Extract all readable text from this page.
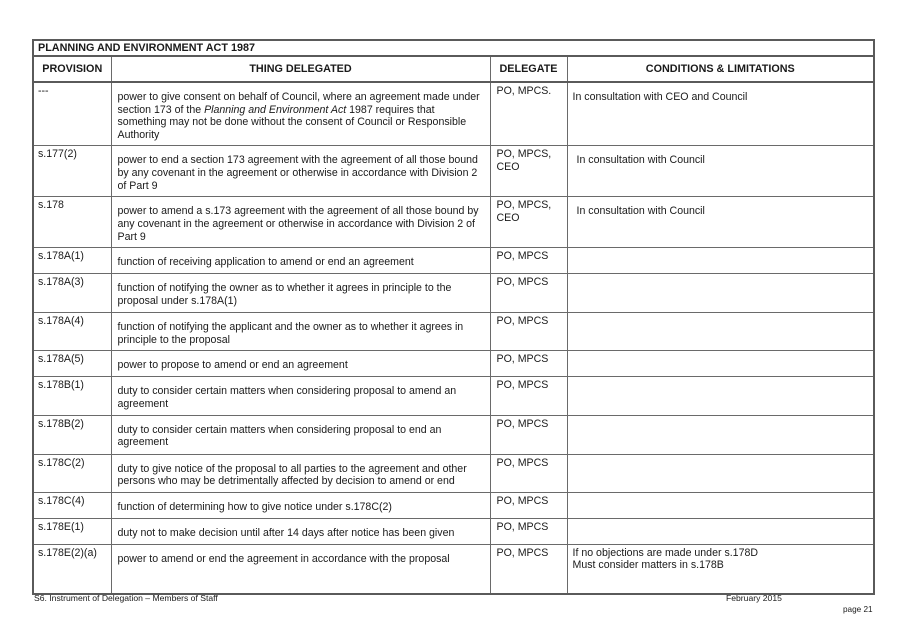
PLANNING AND ENVIRONMENT ACT 1987			
PROVISION	THING DELEGATED	DELEGATE	CONDITIONS & LIMITATIONS
---	power to give consent on behalf of Council, where an agreement made under section 173 of the Planning and Environment Act 1987 requires that something may not be done without the consent of Council or Responsible Authority	PO, MPCS.	In consultation with CEO and Council
s.177(2)	power to end a section 173 agreement with the agreement of all those bound by any covenant in the agreement or otherwise in accordance with Division 2 of Part 9	PO, MPCS, CEO	In consultation with Council
s.178	power to amend a s.173 agreement with the agreement of all those bound by any covenant in the agreement or otherwise in accordance with Division 2 of Part 9	PO, MPCS, CEO	In consultation with Council
s.178A(1)	function of receiving application to amend or end an agreement	PO, MPCS	
s.178A(3)	function of notifying the owner as to whether it agrees in principle to the proposal under s.178A(1)	PO, MPCS	
s.178A(4)	function of notifying the applicant and the owner as to whether it agrees in principle to the proposal	PO, MPCS	
s.178A(5)	power to propose to amend or end an agreement	PO, MPCS	
s.178B(1)	duty to consider certain matters when considering proposal to amend an agreement	PO, MPCS	
s.178B(2)	duty to consider certain matters when considering proposal to end an agreement	PO, MPCS	
s.178C(2)	duty to give notice of the proposal to all parties to the agreement and other persons who may be detrimentally affected by decision to amend or end	PO, MPCS	
s.178C(4)	function of determining how to give notice under s.178C(2)	PO, MPCS	
s.178E(1)	duty not to make decision until after 14 days after notice has been given	PO, MPCS	
s.178E(2)(a)	power to amend or end the agreement in accordance with the proposal	PO, MPCS	If no objections are made under s.178D
Must consider matters in s.178B
S6. Instrument of Delegation – Members of Staff	February 2015
page 21
